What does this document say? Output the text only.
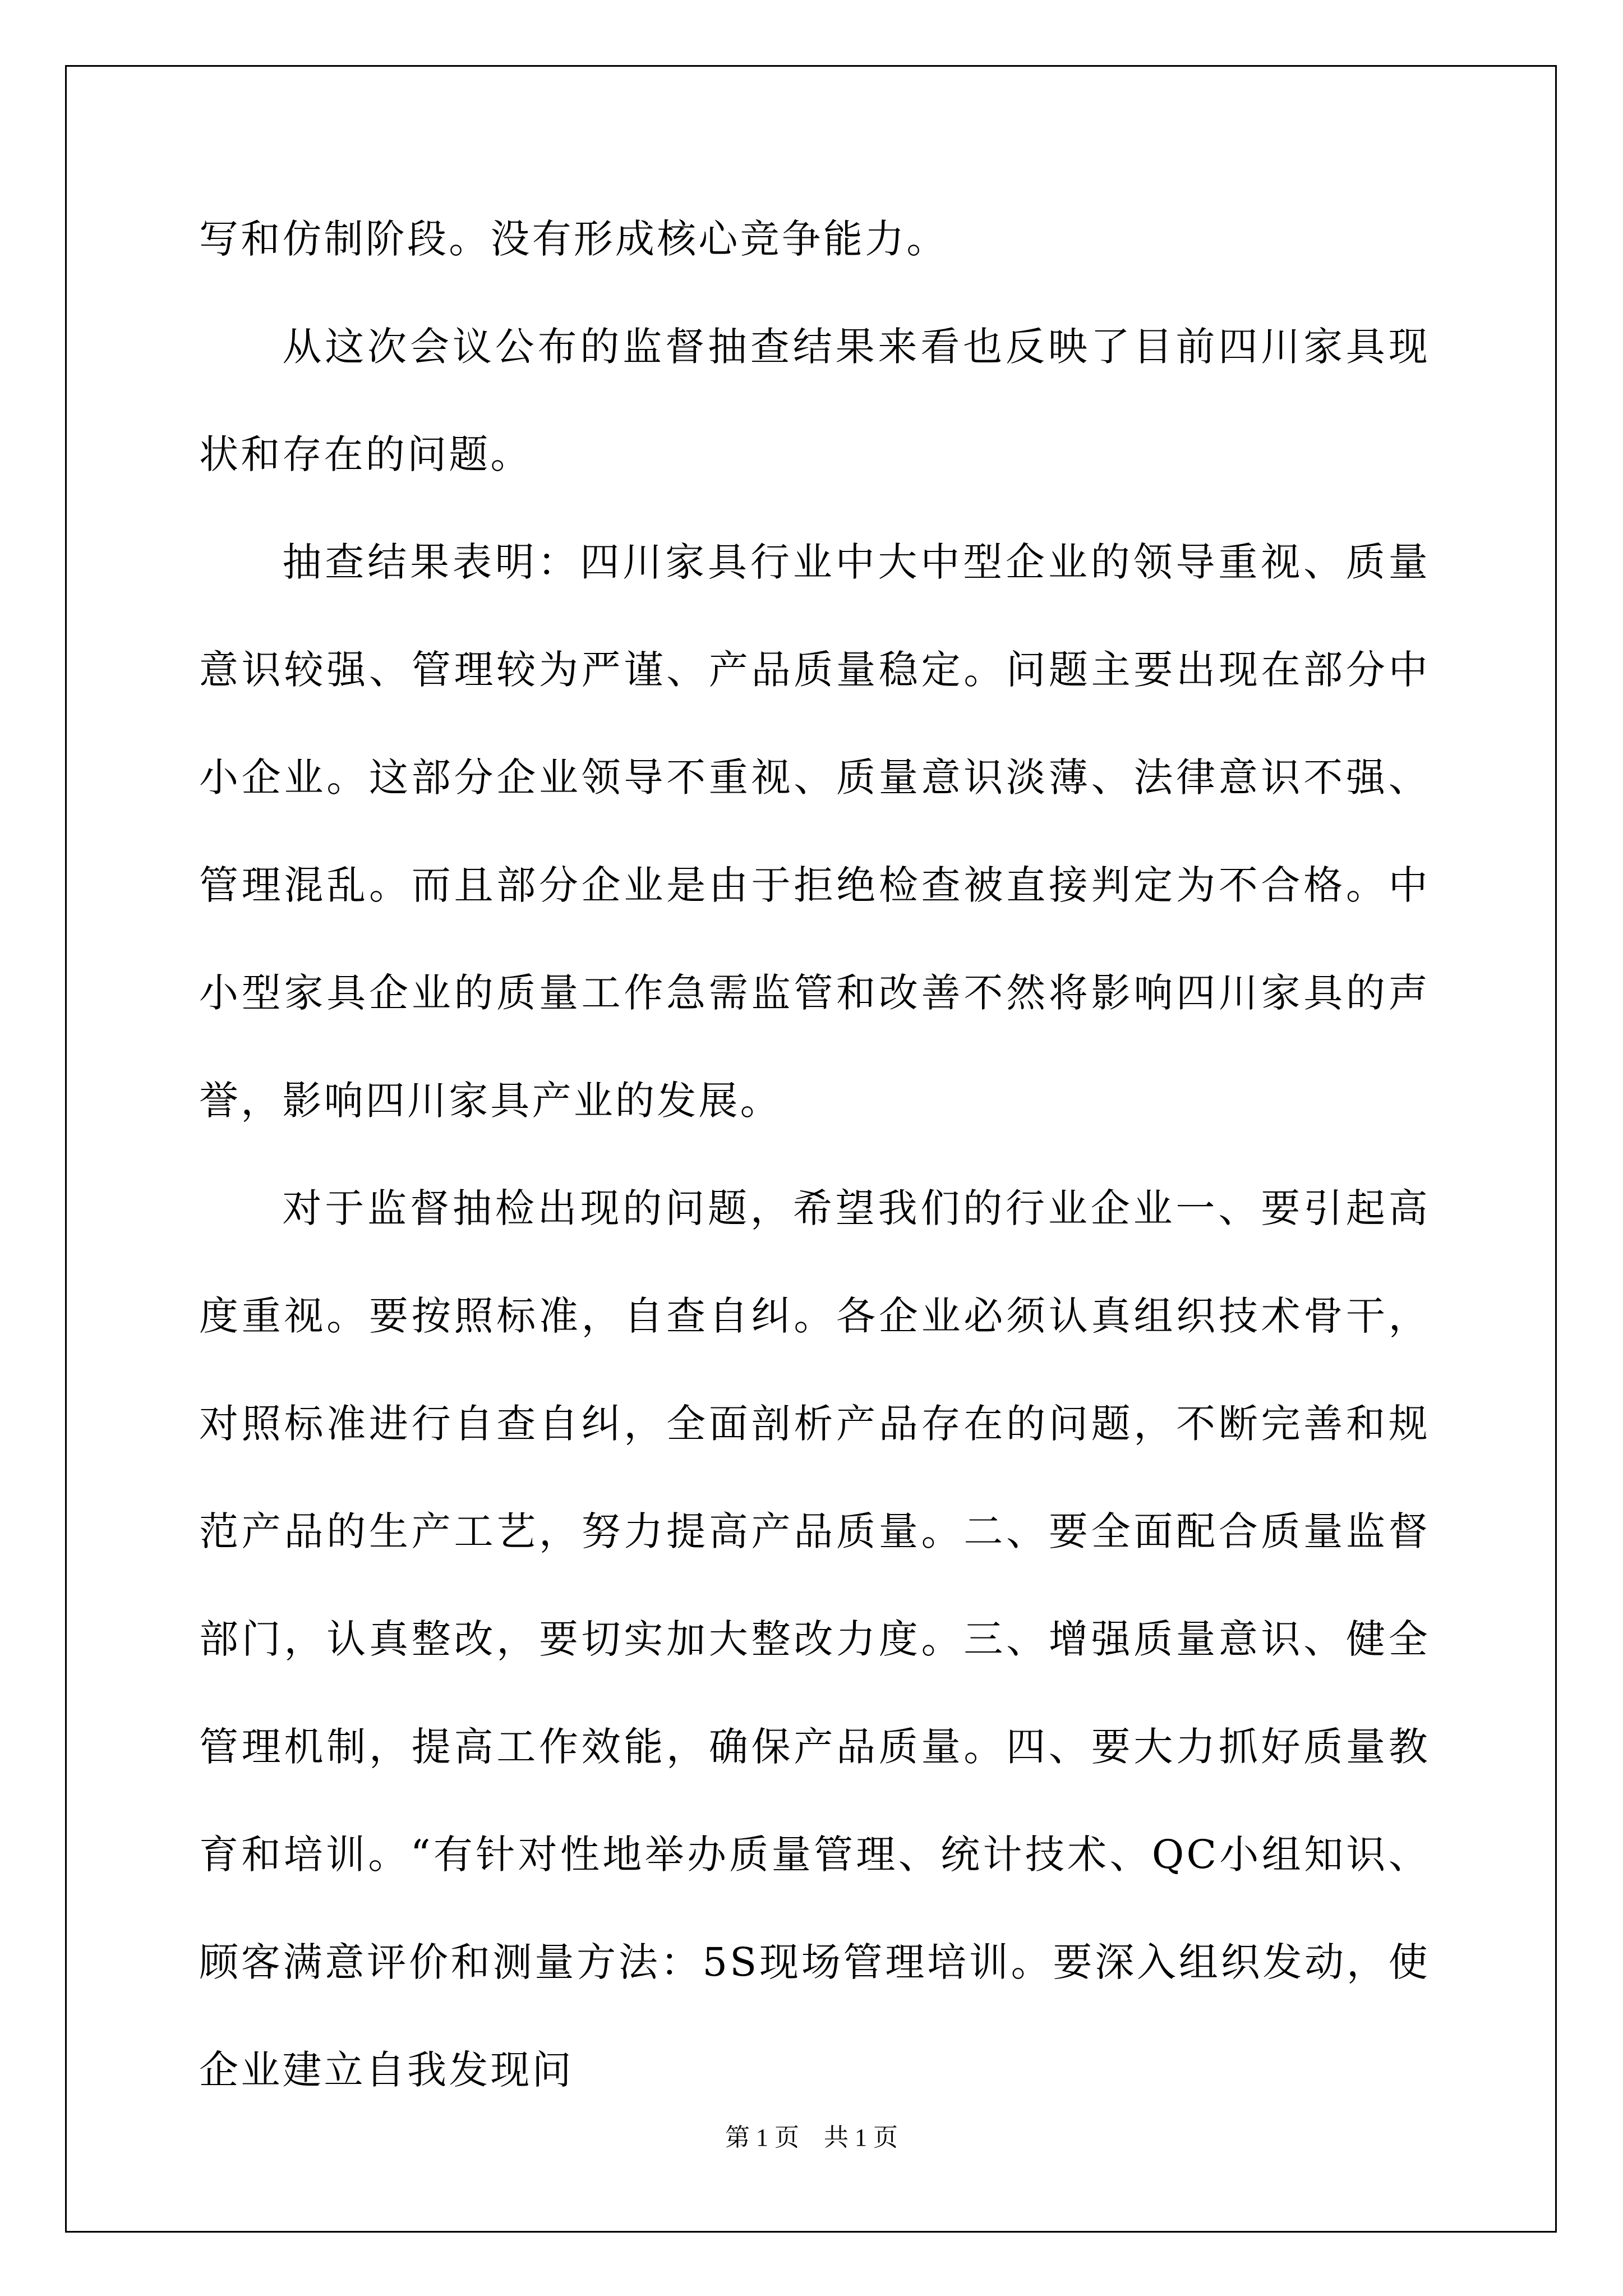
写和仿制阶段。没有形成核心竞争能力。

从这次会议公布的监督抽查结果来看也反映了目前四川家具现状和存在的问题。

抽查结果表明：四川家具行业中大中型企业的领导重视、质量意识较强、管理较为严谨、产品质量稳定。问题主要出现在部分中小企业。这部分企业领导不重视、质量意识淡薄、法律意识不强、管理混乱。而且部分企业是由于拒绝检查被直接判定为不合格。中小型家具企业的质量工作急需监管和改善不然将影响四川家具的声誉，影响四川家具产业的发展。

对于监督抽检出现的问题，希望我们的行业企业一、要引起高度重视。要按照标准，自查自纠。各企业必须认真组织技术骨干，对照标准进行自查自纠，全面剖析产品存在的问题，不断完善和规范产品的生产工艺，努力提高产品质量。二、要全面配合质量监督部门，认真整改，要切实加大整改力度。三、增强质量意识、健全管理机制，提高工作效能，确保产品质量。四、要大力抓好质量教育和培训。“有针对性地举办质量管理、统计技术、QC小组知识、顾客满意评价和测量方法：5S现场管理培训。要深入组织发动，使企业建立自我发现问

第 1 页    共 1 页
